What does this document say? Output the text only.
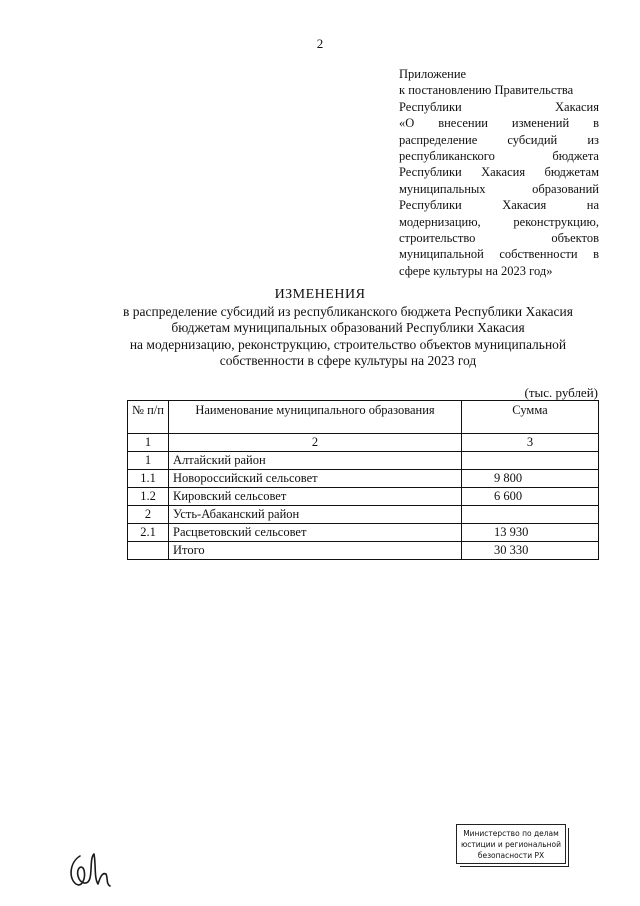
2
Приложение
к постановлению Правительства
Республики Хакасия
«О внесении изменений в
распределение субсидий из
республиканского бюджета
Республики Хакасия бюджетам
муниципальных образований
Республики Хакасия на
модернизацию, реконструкцию,
строительство объектов
муниципальной собственности в
сфере культуры на 2023 год»
ИЗМЕНЕНИЯ
в распределение субсидий из республиканского бюджета Республики Хакасия
бюджетам муниципальных образований Республики Хакасия
на модернизацию, реконструкцию, строительство объектов муниципальной
собственности в сфере культуры на 2023 год
(тыс. рублей)
№ п/п	Наименование муниципального образования	Сумма
1	2	3
1	Алтайский район	
1.1	Новороссийский сельсовет	9 800
1.2	Кировский сельсовет	6 600
2	Усть-Абаканский район	
2.1	Расцветовский сельсовет	13 930
	Итого	30 330
Министерство по делам
юстиции и региональной
безопасности РХ
